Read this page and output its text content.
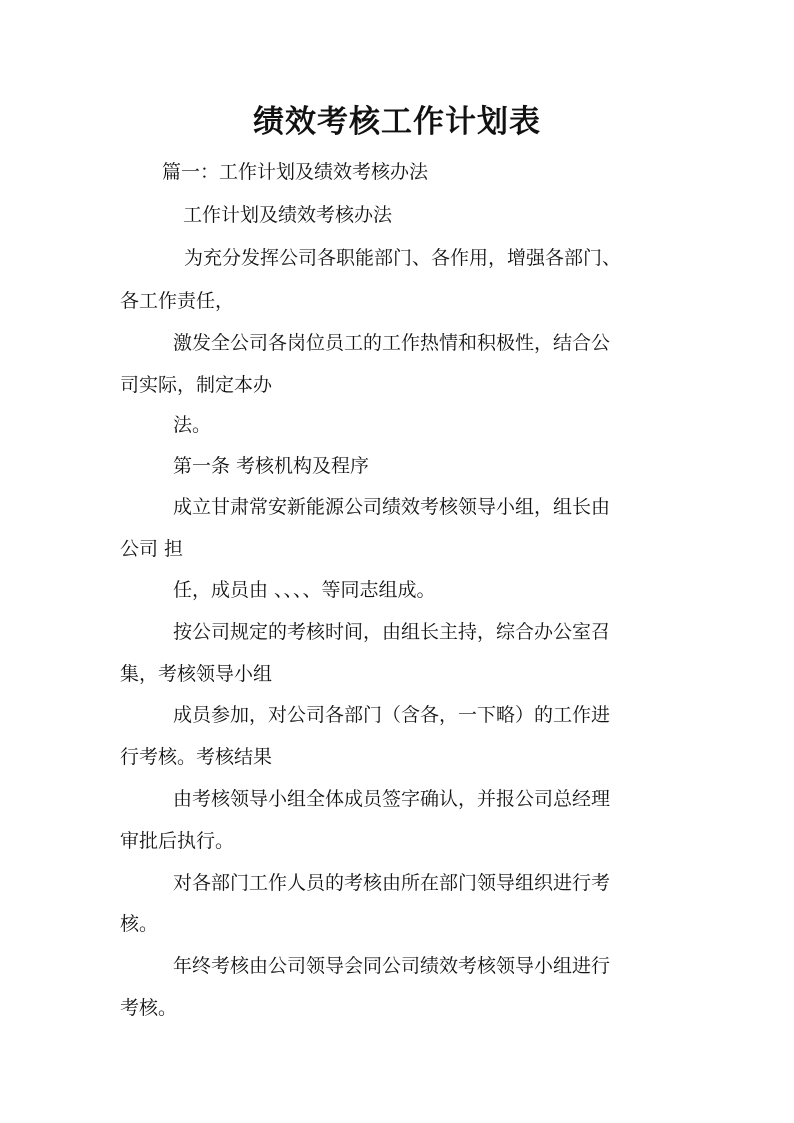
绩效考核工作计划表

篇一：工作计划及绩效考核办法

工作计划及绩效考核办法

为充分发挥公司各职能部门、各作用，增强各部门、

各工作责任，

激发全公司各岗位员工的工作热情和积极性，结合公

司实际，制定本办

法。

第一条 考核机构及程序

成立甘肃常安新能源公司绩效考核领导小组，组长由

公司 担

任，成员由 、、、、等同志组成。

按公司规定的考核时间，由组长主持，综合办公室召

集，考核领导小组

成员参加，对公司各部门（含各，一下略）的工作进

行考核。考核结果

由考核领导小组全体成员签字确认，并报公司总经理

审批后执行。

对各部门工作人员的考核由所在部门领导组织进行考

核。

年终考核由公司领导会同公司绩效考核领导小组进行

考核。
